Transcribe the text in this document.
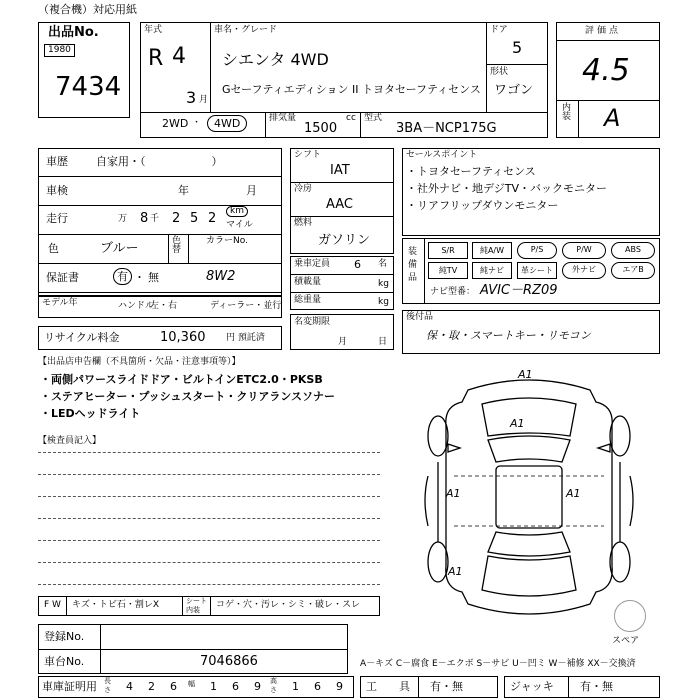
（複合機）対応用紙
出品No.
1980
7434
年式
R 4
3 月
車名・グレード
シエンタ 4WD
Gセーフティエディション II トヨタセーフティセンス
ドア
5
形状
ワゴン
2WD ・	4WD	排気量	cc
1500
型式
3BA－NCP175G
評価点
4.5
内装 A
車歴	自家用・（　　　　　　）
車検	年	月
走行	万 8 千 2 5 2	km
マイル
色	ブルー	色替
カラーNo.
保証書	有 ・ 無	8W2
モデル年	ハンドル
左・右	ディーラー・並行
リサイクル料金	10,360 円 預託済
シフト
IAT
冷房
AAC
燃料
ガソリン
乗車定員 6 名
積載量	kg
総重量	kg
名変期限
月	日
セールスポイント
・トヨタセーフティセンス
・社外ナビ・地デジTV・バックモニター
・リアフリップダウンモニター
装備品
S/R	純A/W	P/S	P/W	ABS
純TV	純ナビ	革シート	外ナビ	エアB
ナビ型番： AVIC－RZ09
後付品
保・取・スマートキー・リモコン
【出品店申告欄（不具箇所・欠品・注意事項等）】
・両側パワースライドドア・ビルトインETC2.0・PKSB
・ステアヒーター・プッシュスタート・クリアランスソナー
・LEDヘッドライト
【検査員記入】
A1
A1
A1	A1
A1
スペア
A－キズ C－腐食 E－エクボ S－サビ U－凹ミ W－補修 XX－交換済
F W キズ・トビ石・割レX	シート内装	コゲ・穴・汚レ・シミ・破レ・スレ
登録No.
車台No.	7046866
車庫証明用 長さ 4 2 6 幅 1 6 9 高さ 1 6 9 工　　具 有・無	ジャッキ 有・無
